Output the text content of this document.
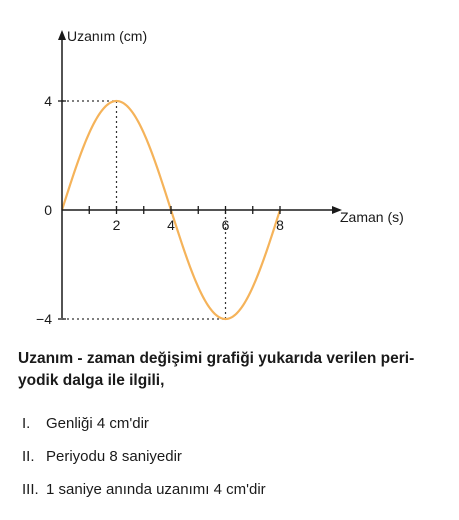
2	4	6	8
4
0
−4
Uzanım (cm)
Zaman (s)
Uzanım - zaman değişimi grafiği yukarıda verilen peri-
yodik dalga ile ilgili,
I.	Genliği 4 cm'dir
II. Periyodu 8 saniyedir
III. 1 saniye anında uzanımı 4 cm'dir
